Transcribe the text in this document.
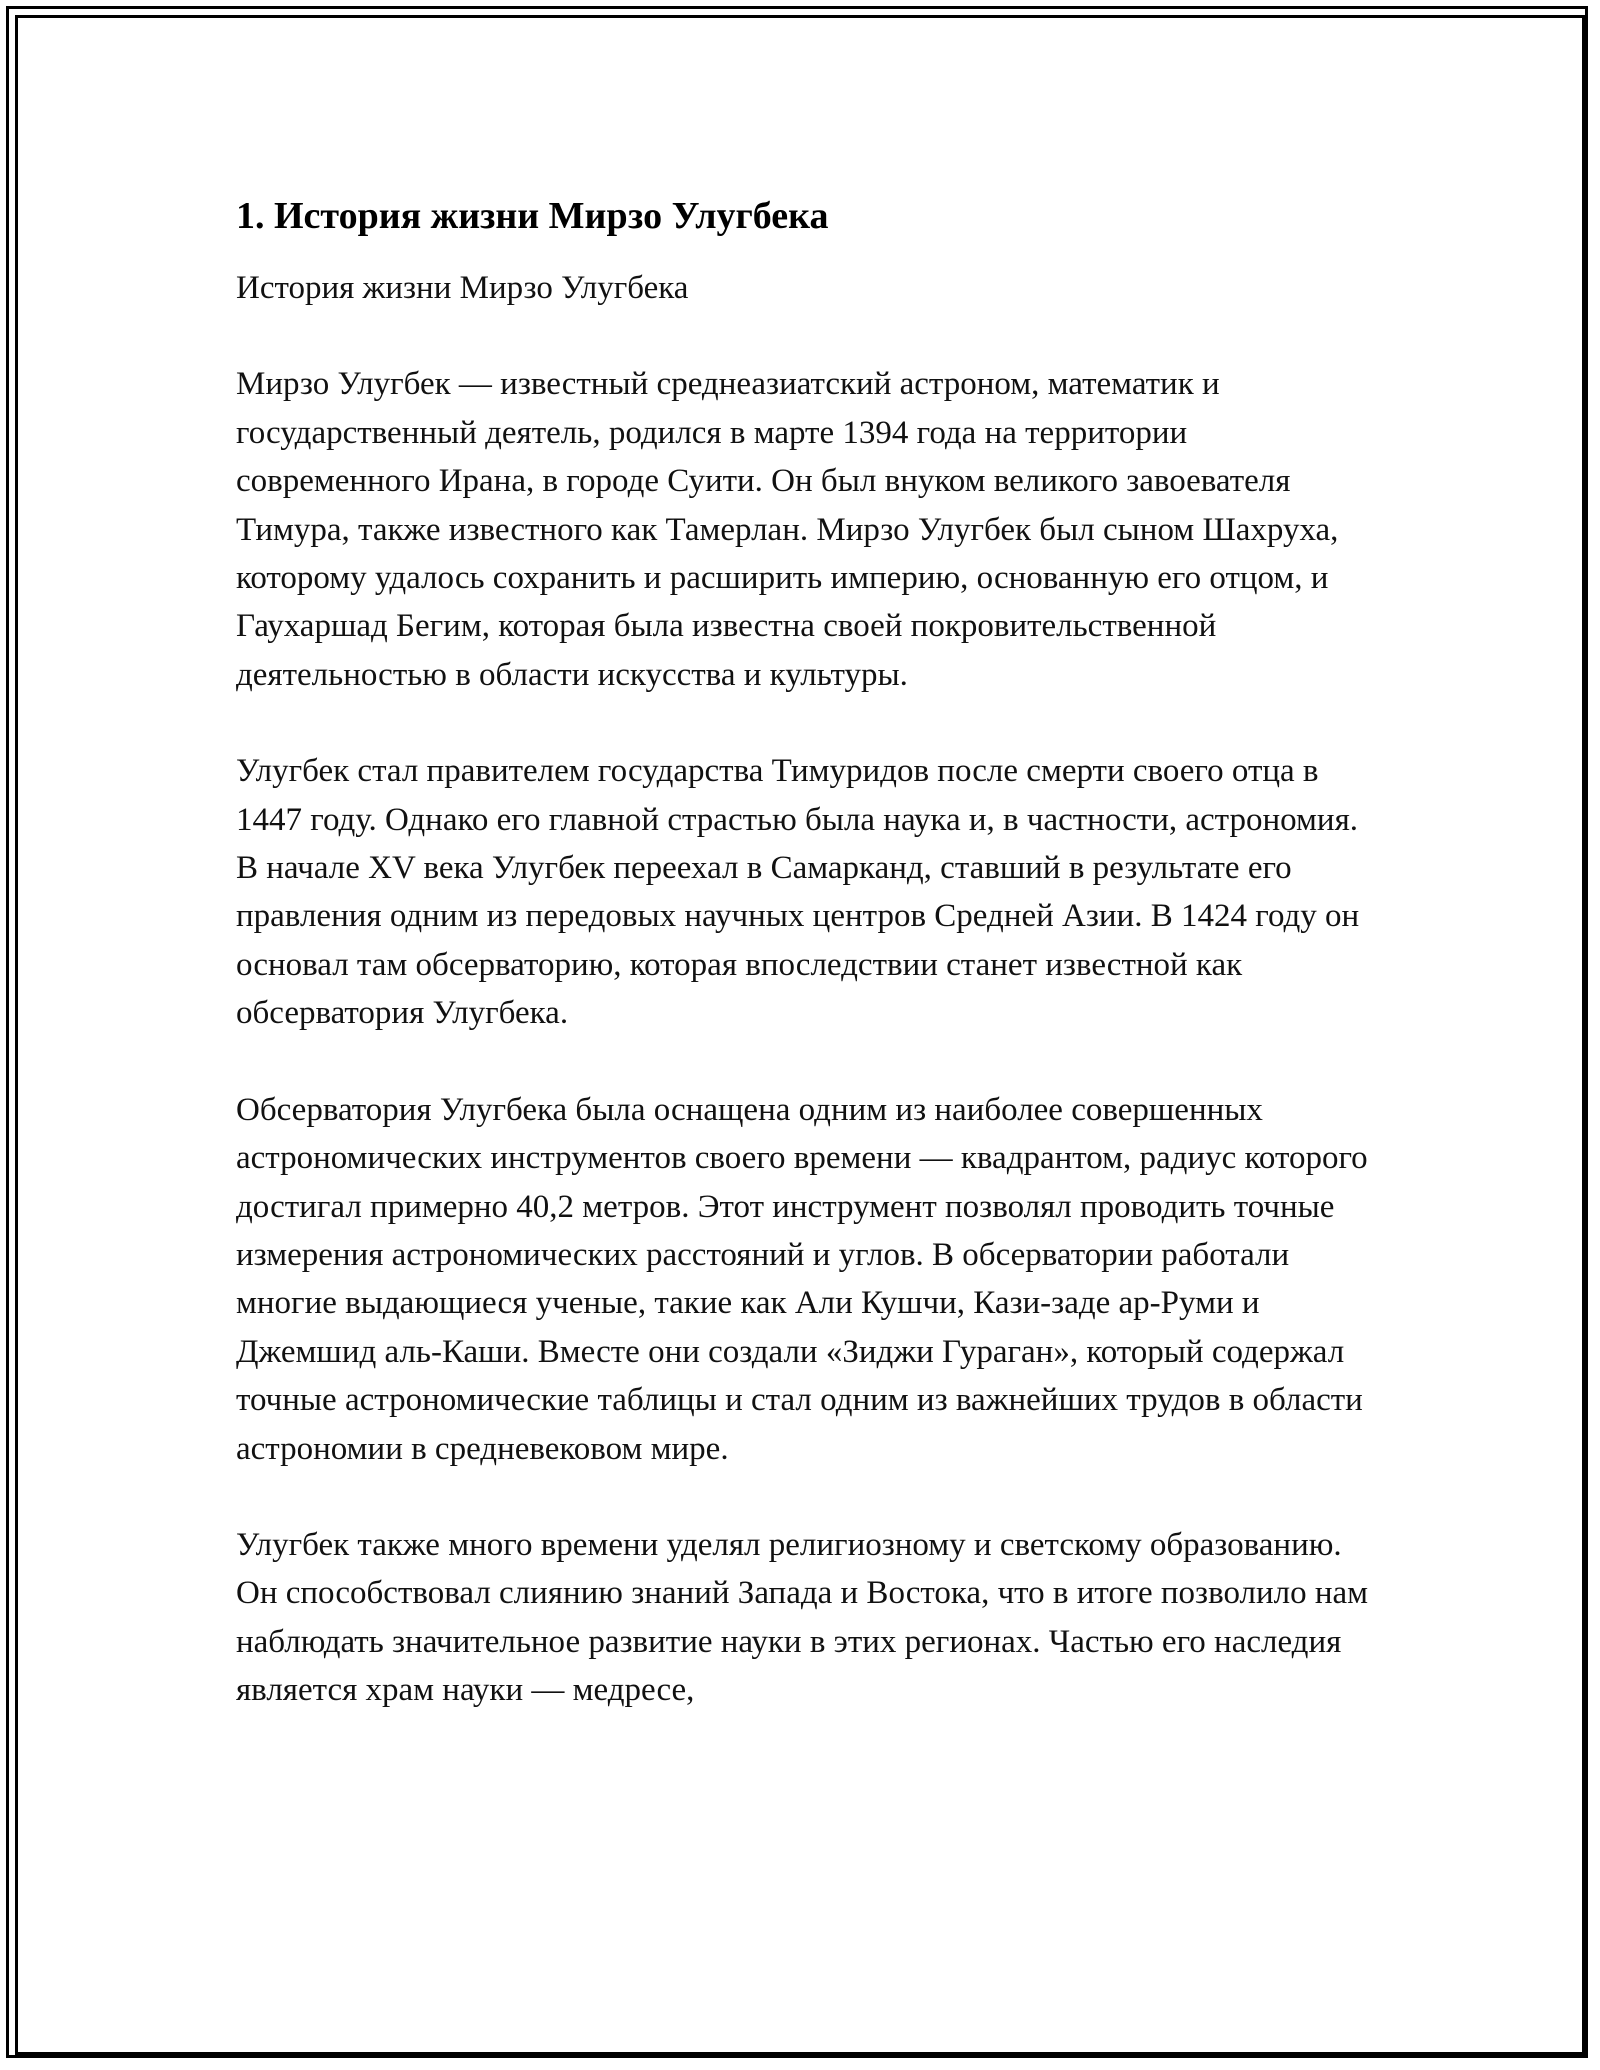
1. История жизни Мирзо Улугбека

История жизни Мирзо Улугбека

Мирзо Улугбек — известный среднеазиатский астроном, математик и государственный деятель, родился в марте 1394 года на территории современного Ирана, в городе Суити. Он был внуком великого завоевателя Тимура, также известного как Тамерлан. Мирзо Улугбек был сыном Шахруха, которому удалось сохранить и расширить империю, основанную его отцом, и Гаухаршад Бегим, которая была известна своей покровительственной деятельностью в области искусства и культуры.

Улугбек стал правителем государства Тимуридов после смерти своего отца в 1447 году. Однако его главной страстью была наука и, в частности, астрономия. В начале XV века Улугбек переехал в Самарканд, ставший в результате его правления одним из передовых научных центров Средней Азии. В 1424 году он основал там обсерваторию, которая впоследствии станет известной как обсерватория Улугбека.

Обсерватория Улугбека была оснащена одним из наиболее совершенных астрономических инструментов своего времени — квадрантом, радиус которого достигал примерно 40,2 метров. Этот инструмент позволял проводить точные измерения астрономических расстояний и углов. В обсерватории работали многие выдающиеся ученые, такие как Али Кушчи, Кази-заде ар-Руми и Джемшид аль-Каши. Вместе они создали «Зиджи Гураган», который содержал точные астрономические таблицы и стал одним из важнейших трудов в области астрономии в средневековом мире.

Улугбек также много времени уделял религиозному и светскому образованию. Он способствовал слиянию знаний Запада и Востока, что в итоге позволило нам наблюдать значительное развитие науки в этих регионах. Частью его наследия является храм науки — медресе,
